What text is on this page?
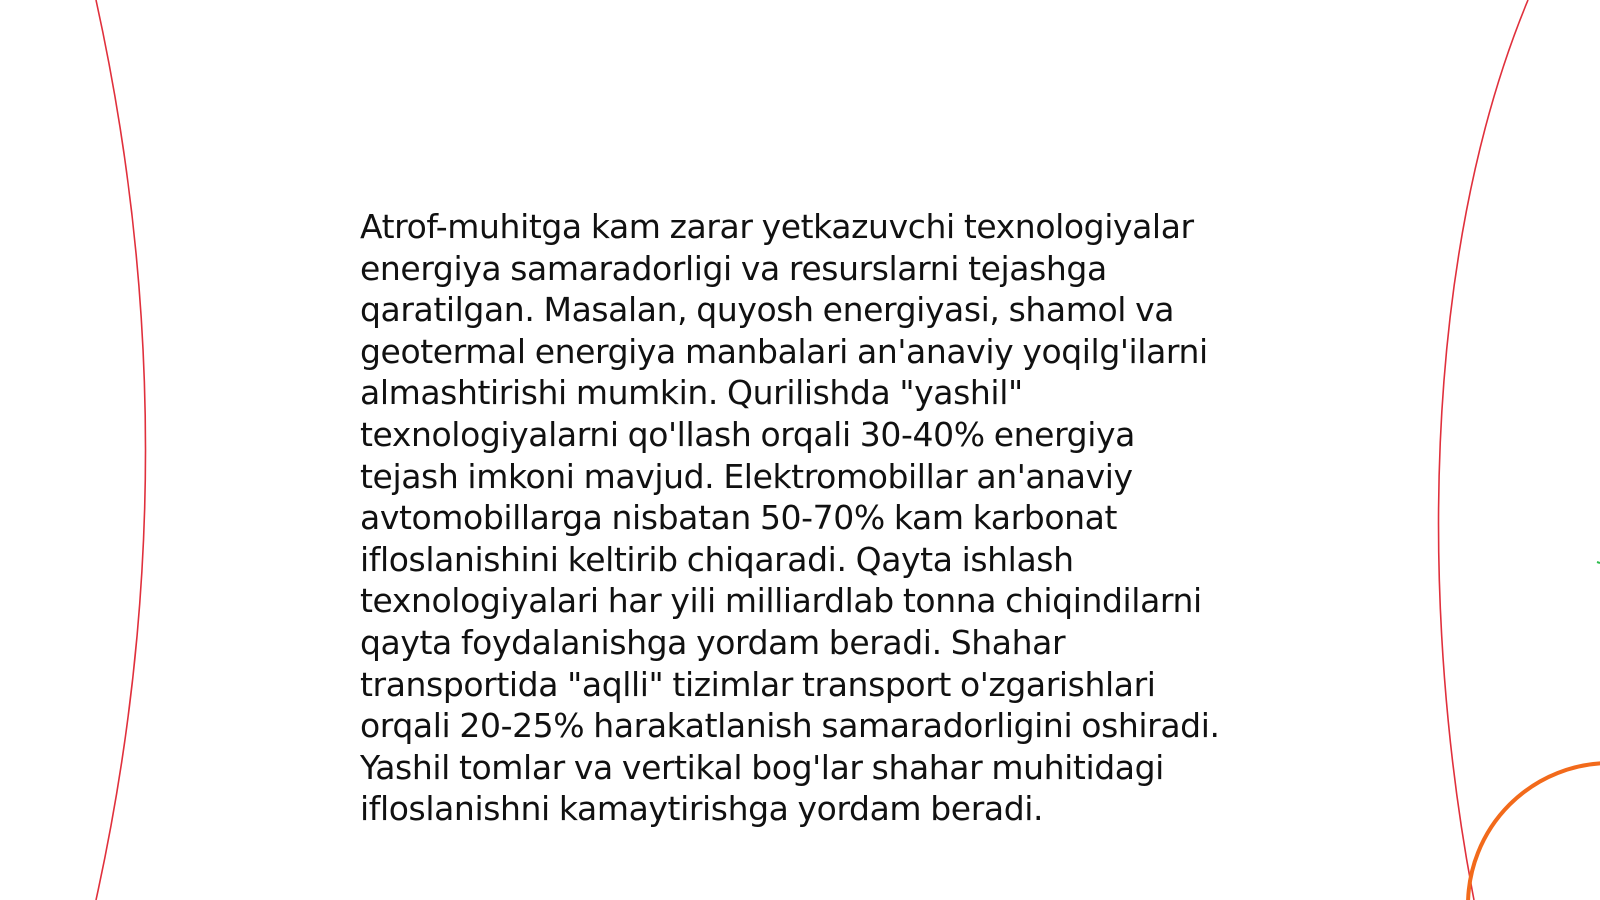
Atrof-muhitga kam zarar yetkazuvchi texnologiyalar energiya samaradorligi va resurslarni tejashga qaratilgan. Masalan, quyosh energiyasi, shamol va geotermal energiya manbalari an'anaviy yoqilg'ilarni almashtirishi mumkin. Qurilishda "yashil" texnologiyalarni qo'llash orqali 30-40% energiya tejash imkoni mavjud. Elektromobillar an'anaviy avtomobillarga nisbatan 50-70% kam karbonat ifloslanishini keltirib chiqaradi. Qayta ishlash texnologiyalari har yili milliardlab tonna chiqindilarni qayta foydalanishga yordam beradi. Shahar transportida "aqlli" tizimlar transport o'zgarishlari orqali 20-25% harakatlanish samaradorligini oshiradi. Yashil tomlar va vertikal bog'lar shahar muhitidagi ifloslanishni kamaytirishga yordam beradi.
